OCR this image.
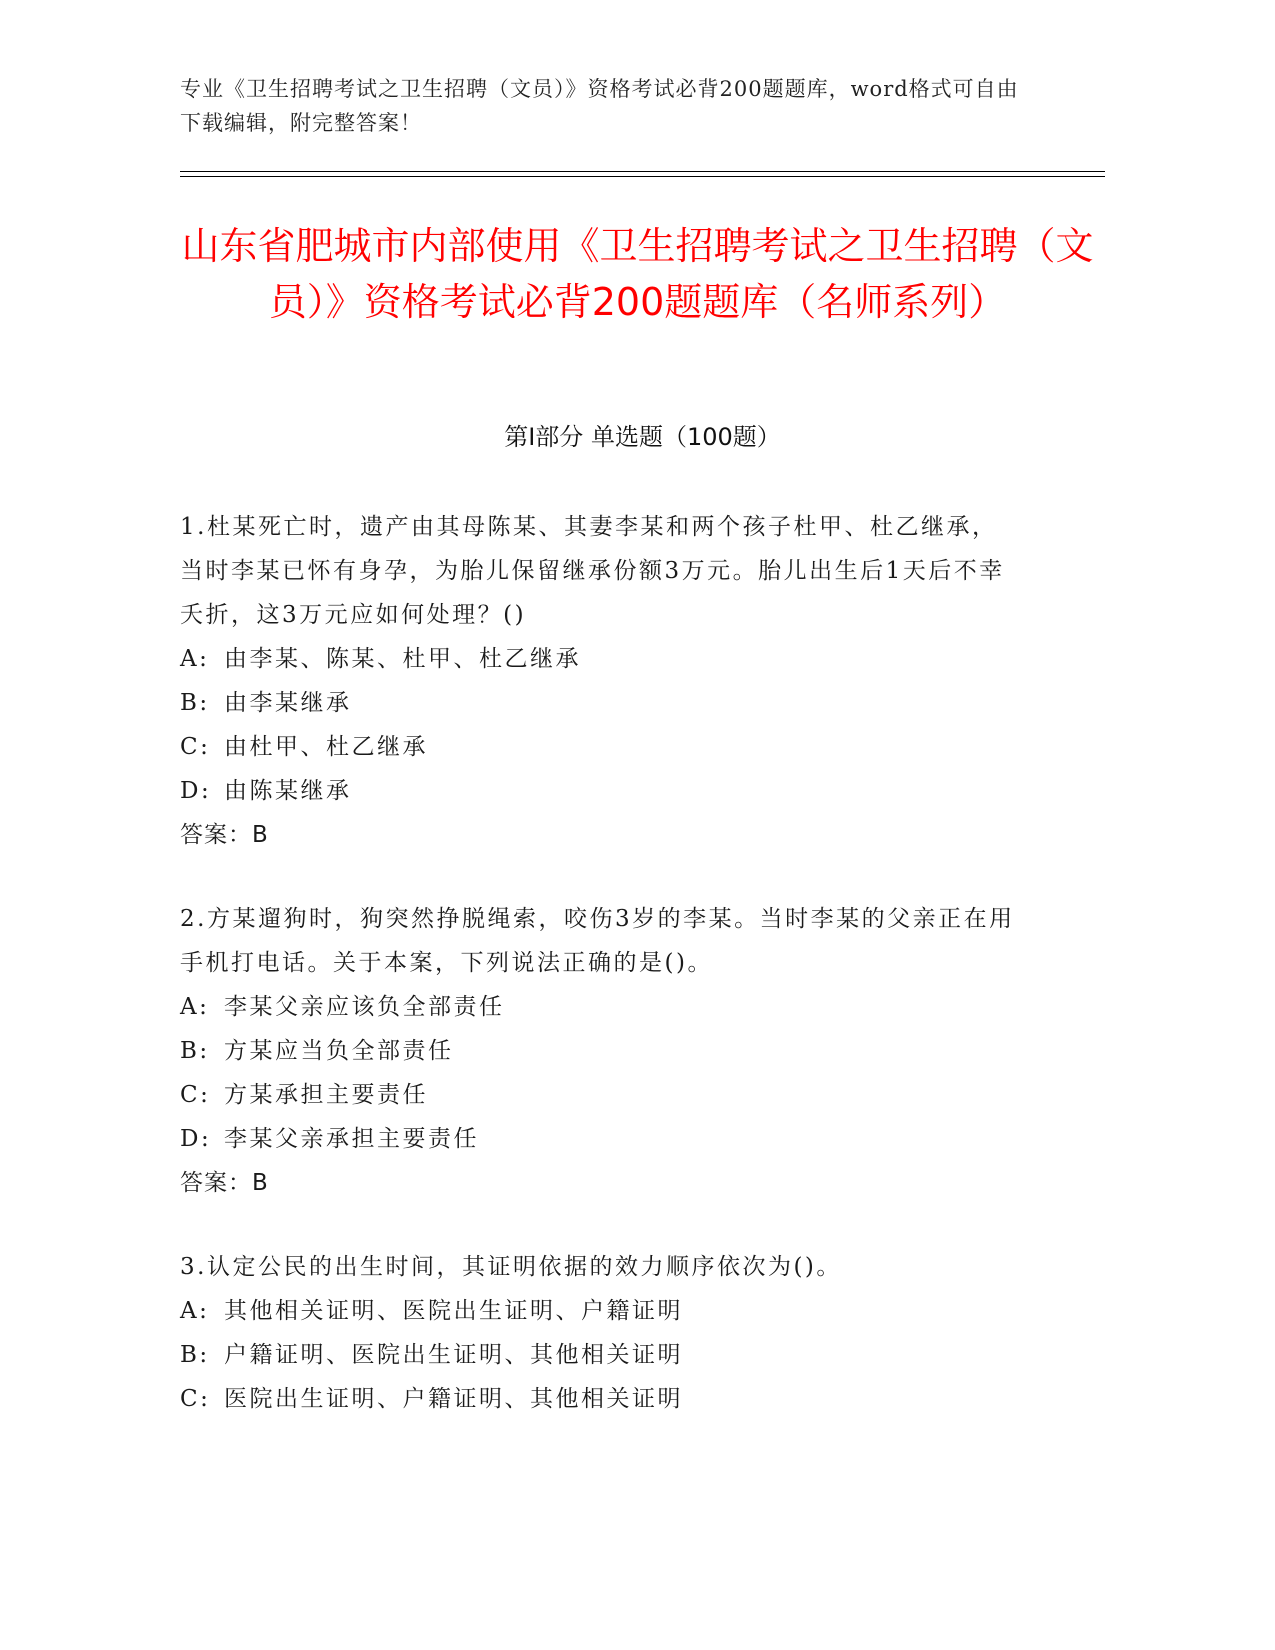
专业《卫生招聘考试之卫生招聘（文员）》资格考试必背200题题库，word格式可自由下载编辑，附完整答案！
山东省肥城市内部使用《卫生招聘考试之卫生招聘（文员）》资格考试必背200题题库（名师系列）
第Ⅰ部分 单选题（100题）

1.杜某死亡时，遗产由其母陈某、其妻李某和两个孩子杜甲、杜乙继承，当时李某已怀有身孕，为胎儿保留继承份额3万元。胎儿出生后1天后不幸夭折，这3万元应如何处理？()

A: 由李某、陈某、杜甲、杜乙继承
B: 由李某继承
C: 由杜甲、杜乙继承
D: 由陈某继承
答案：B

2.方某遛狗时，狗突然挣脱绳索，咬伤3岁的李某。当时李某的父亲正在用手机打电话。关于本案，下列说法正确的是()。

A: 李某父亲应该负全部责任
B: 方某应当负全部责任
C: 方某承担主要责任
D: 李某父亲承担主要责任
答案：B

3.认定公民的出生时间，其证明依据的效力顺序依次为()。

A: 其他相关证明、医院出生证明、户籍证明
B: 户籍证明、医院出生证明、其他相关证明
C: 医院出生证明、户籍证明、其他相关证明
